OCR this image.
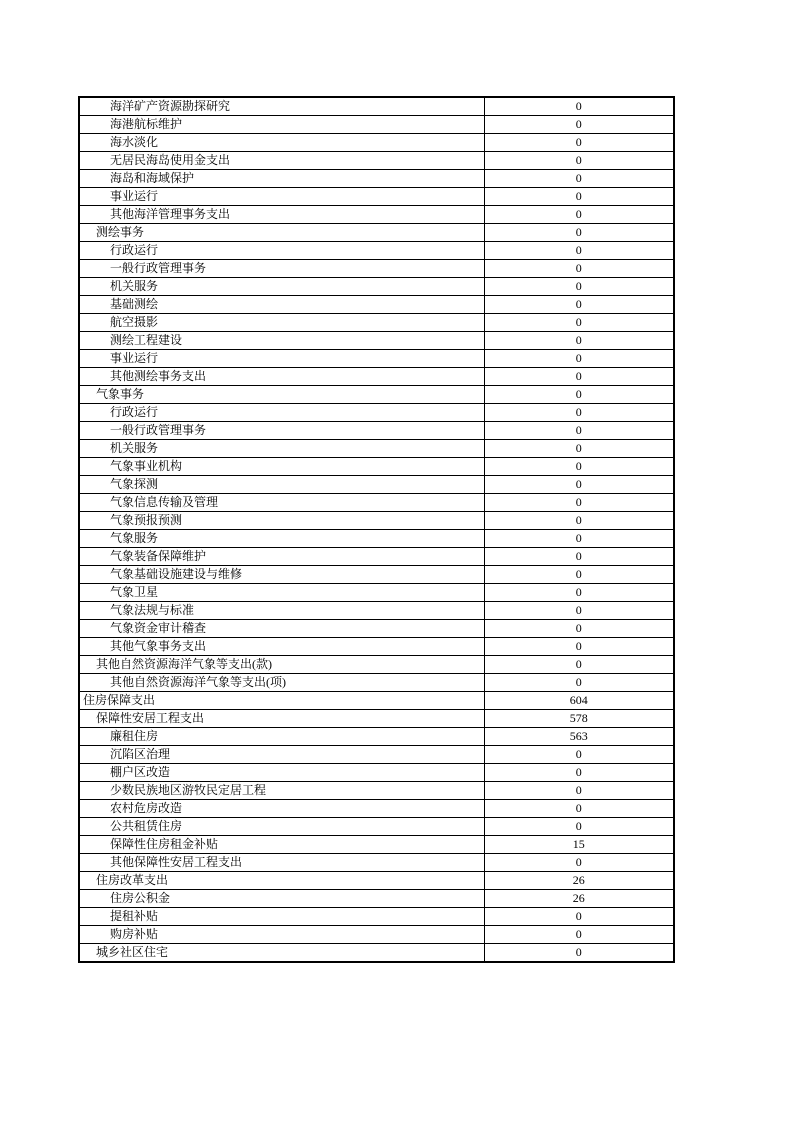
海洋矿产资源勘探研究	0
海港航标维护	0
海水淡化	0
无居民海岛使用金支出	0
海岛和海域保护	0
事业运行	0
其他海洋管理事务支出	0
测绘事务	0
行政运行	0
一般行政管理事务	0
机关服务	0
基础测绘	0
航空摄影	0
测绘工程建设	0
事业运行	0
其他测绘事务支出	0
气象事务	0
行政运行	0
一般行政管理事务	0
机关服务	0
气象事业机构	0
气象探测	0
气象信息传输及管理	0
气象预报预测	0
气象服务	0
气象装备保障维护	0
气象基础设施建设与维修	0
气象卫星	0
气象法规与标准	0
气象资金审计稽查	0
其他气象事务支出	0
其他自然资源海洋气象等支出(款)	0
其他自然资源海洋气象等支出(项)	0
住房保障支出	604
保障性安居工程支出	578
廉租住房	563
沉陷区治理	0
棚户区改造	0
少数民族地区游牧民定居工程	0
农村危房改造	0
公共租赁住房	0
保障性住房租金补贴	15
其他保障性安居工程支出	0
住房改革支出	26
住房公积金	26
提租补贴	0
购房补贴	0
城乡社区住宅	0
